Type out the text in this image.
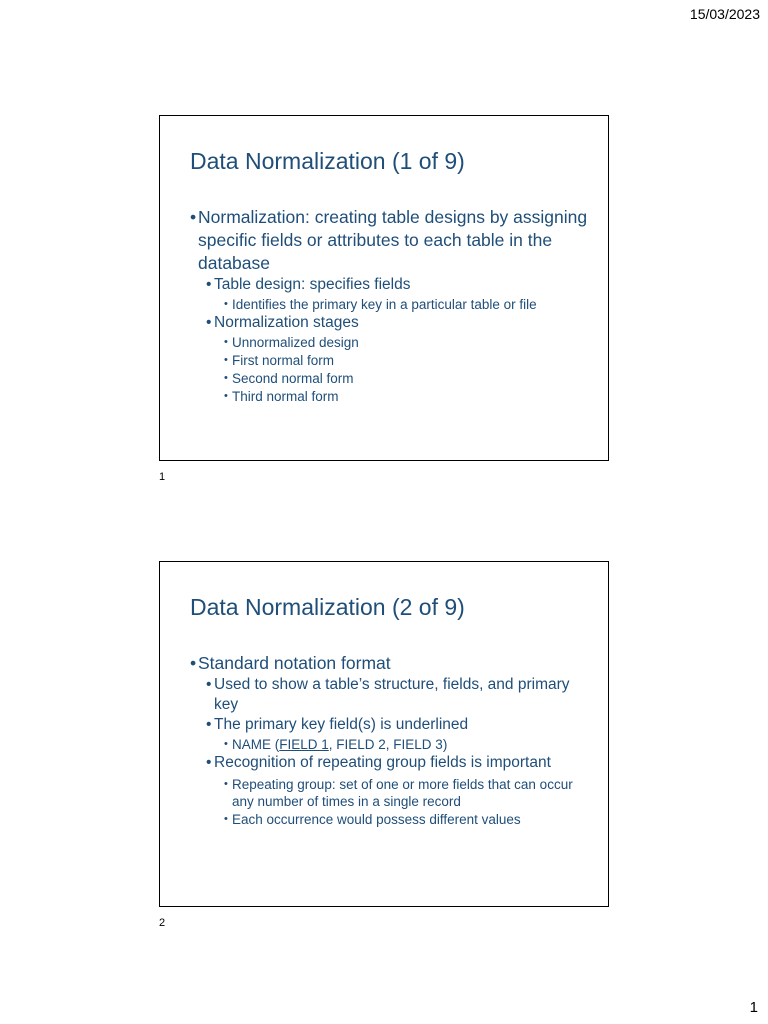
15/03/2023
Data Normalization (1 of 9)
• Normalization: creating table designs by assigning specific fields or attributes to each table in the database
• Table design: specifies fields
• Identifies the primary key in a particular table or file
• Normalization stages
• Unnormalized design
• First normal form
• Second normal form
• Third normal form
1
Data Normalization (2 of 9)
• Standard notation format
• Used to show a table’s structure, fields, and primary key
• The primary key field(s) is underlined
• NAME (FIELD 1, FIELD 2, FIELD 3)
• Recognition of repeating group fields is important
• Repeating group: set of one or more fields that can occur any number of times in a single record
• Each occurrence would possess different values
2
1
